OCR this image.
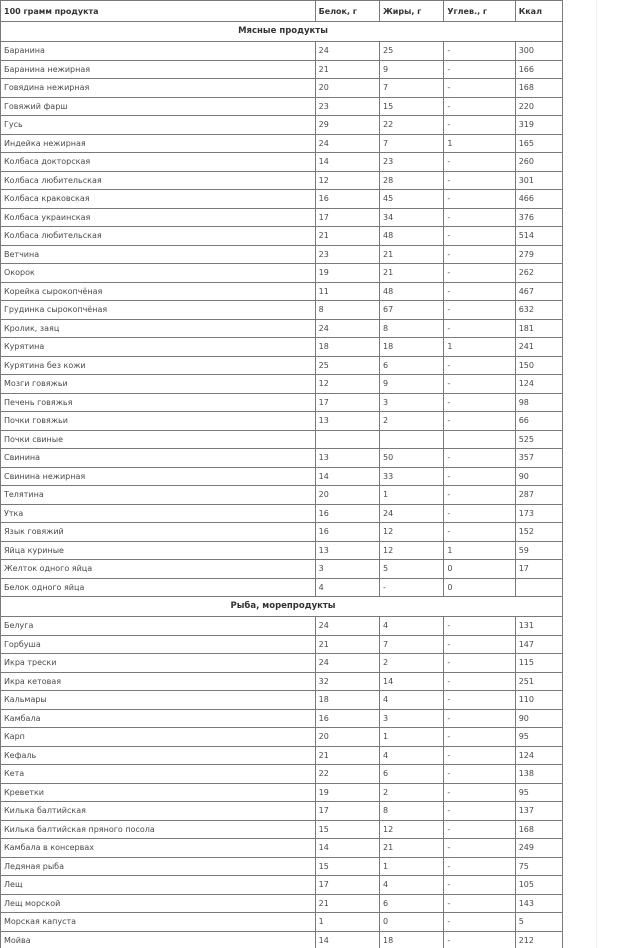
100 грамм продукта	Белок, г	Жиры, г	Углев., г	Ккал
Мясные продукты				
Баранина	24	25	-	300
Баранина нежирная	21	9	-	166
Говядина нежирная	20	7	-	168
Говяжий фарш	23	15	-	220
Гусь	29	22	-	319
Индейка нежирная	24	7	1	165
Колбаса докторская	14	23	-	260
Колбаса любительская	12	28	-	301
Колбаса краковская	16	45	-	466
Колбаса украинская	17	34	-	376
Колбаса любительская	21	48	-	514
Ветчина	23	21	-	279
Окорок	19	21	-	262
Корейка сырокопчёная	11	48	-	467
Грудинка сырокопчёная	8	67	-	632
Кролик, заяц	24	8	-	181
Курятина	18	18	1	241
Курятина без кожи	25	6	-	150
Мозги говяжьи	12	9	-	124
Печень говяжья	17	3	-	98
Почки говяжьи	13	2	-	66
Почки свиные				525
Свинина	13	50	-	357
Свинина нежирная	14	33	-	90
Телятина	20	1	-	287
Утка	16	24	-	173
Язык говяжий	16	12	-	152
Яйца куриные	13	12	1	59
Желток одного яйца	3	5	0	17
Белок одного яйца	4	-	0	
Рыба, морепродукты				
Белуга	24	4	-	131
Горбуша	21	7	-	147
Икра трески	24	2	-	115
Икра кетовая	32	14	-	251
Кальмары	18	4	-	110
Камбала	16	3	-	90
Карп	20	1	-	95
Кефаль	21	4	-	124
Кета	22	6	-	138
Креветки	19	2	-	95
Килька балтийская	17	8	-	137
Килька балтийская пряного посола	15	12	-	168
Камбала в консервах	14	21	-	249
Ледяная рыба	15	1	-	75
Лещ	17	4	-	105
Лещ морской	21	6	-	143
Морская капуста	1	0	-	5
Мойва	14	18	-	212
